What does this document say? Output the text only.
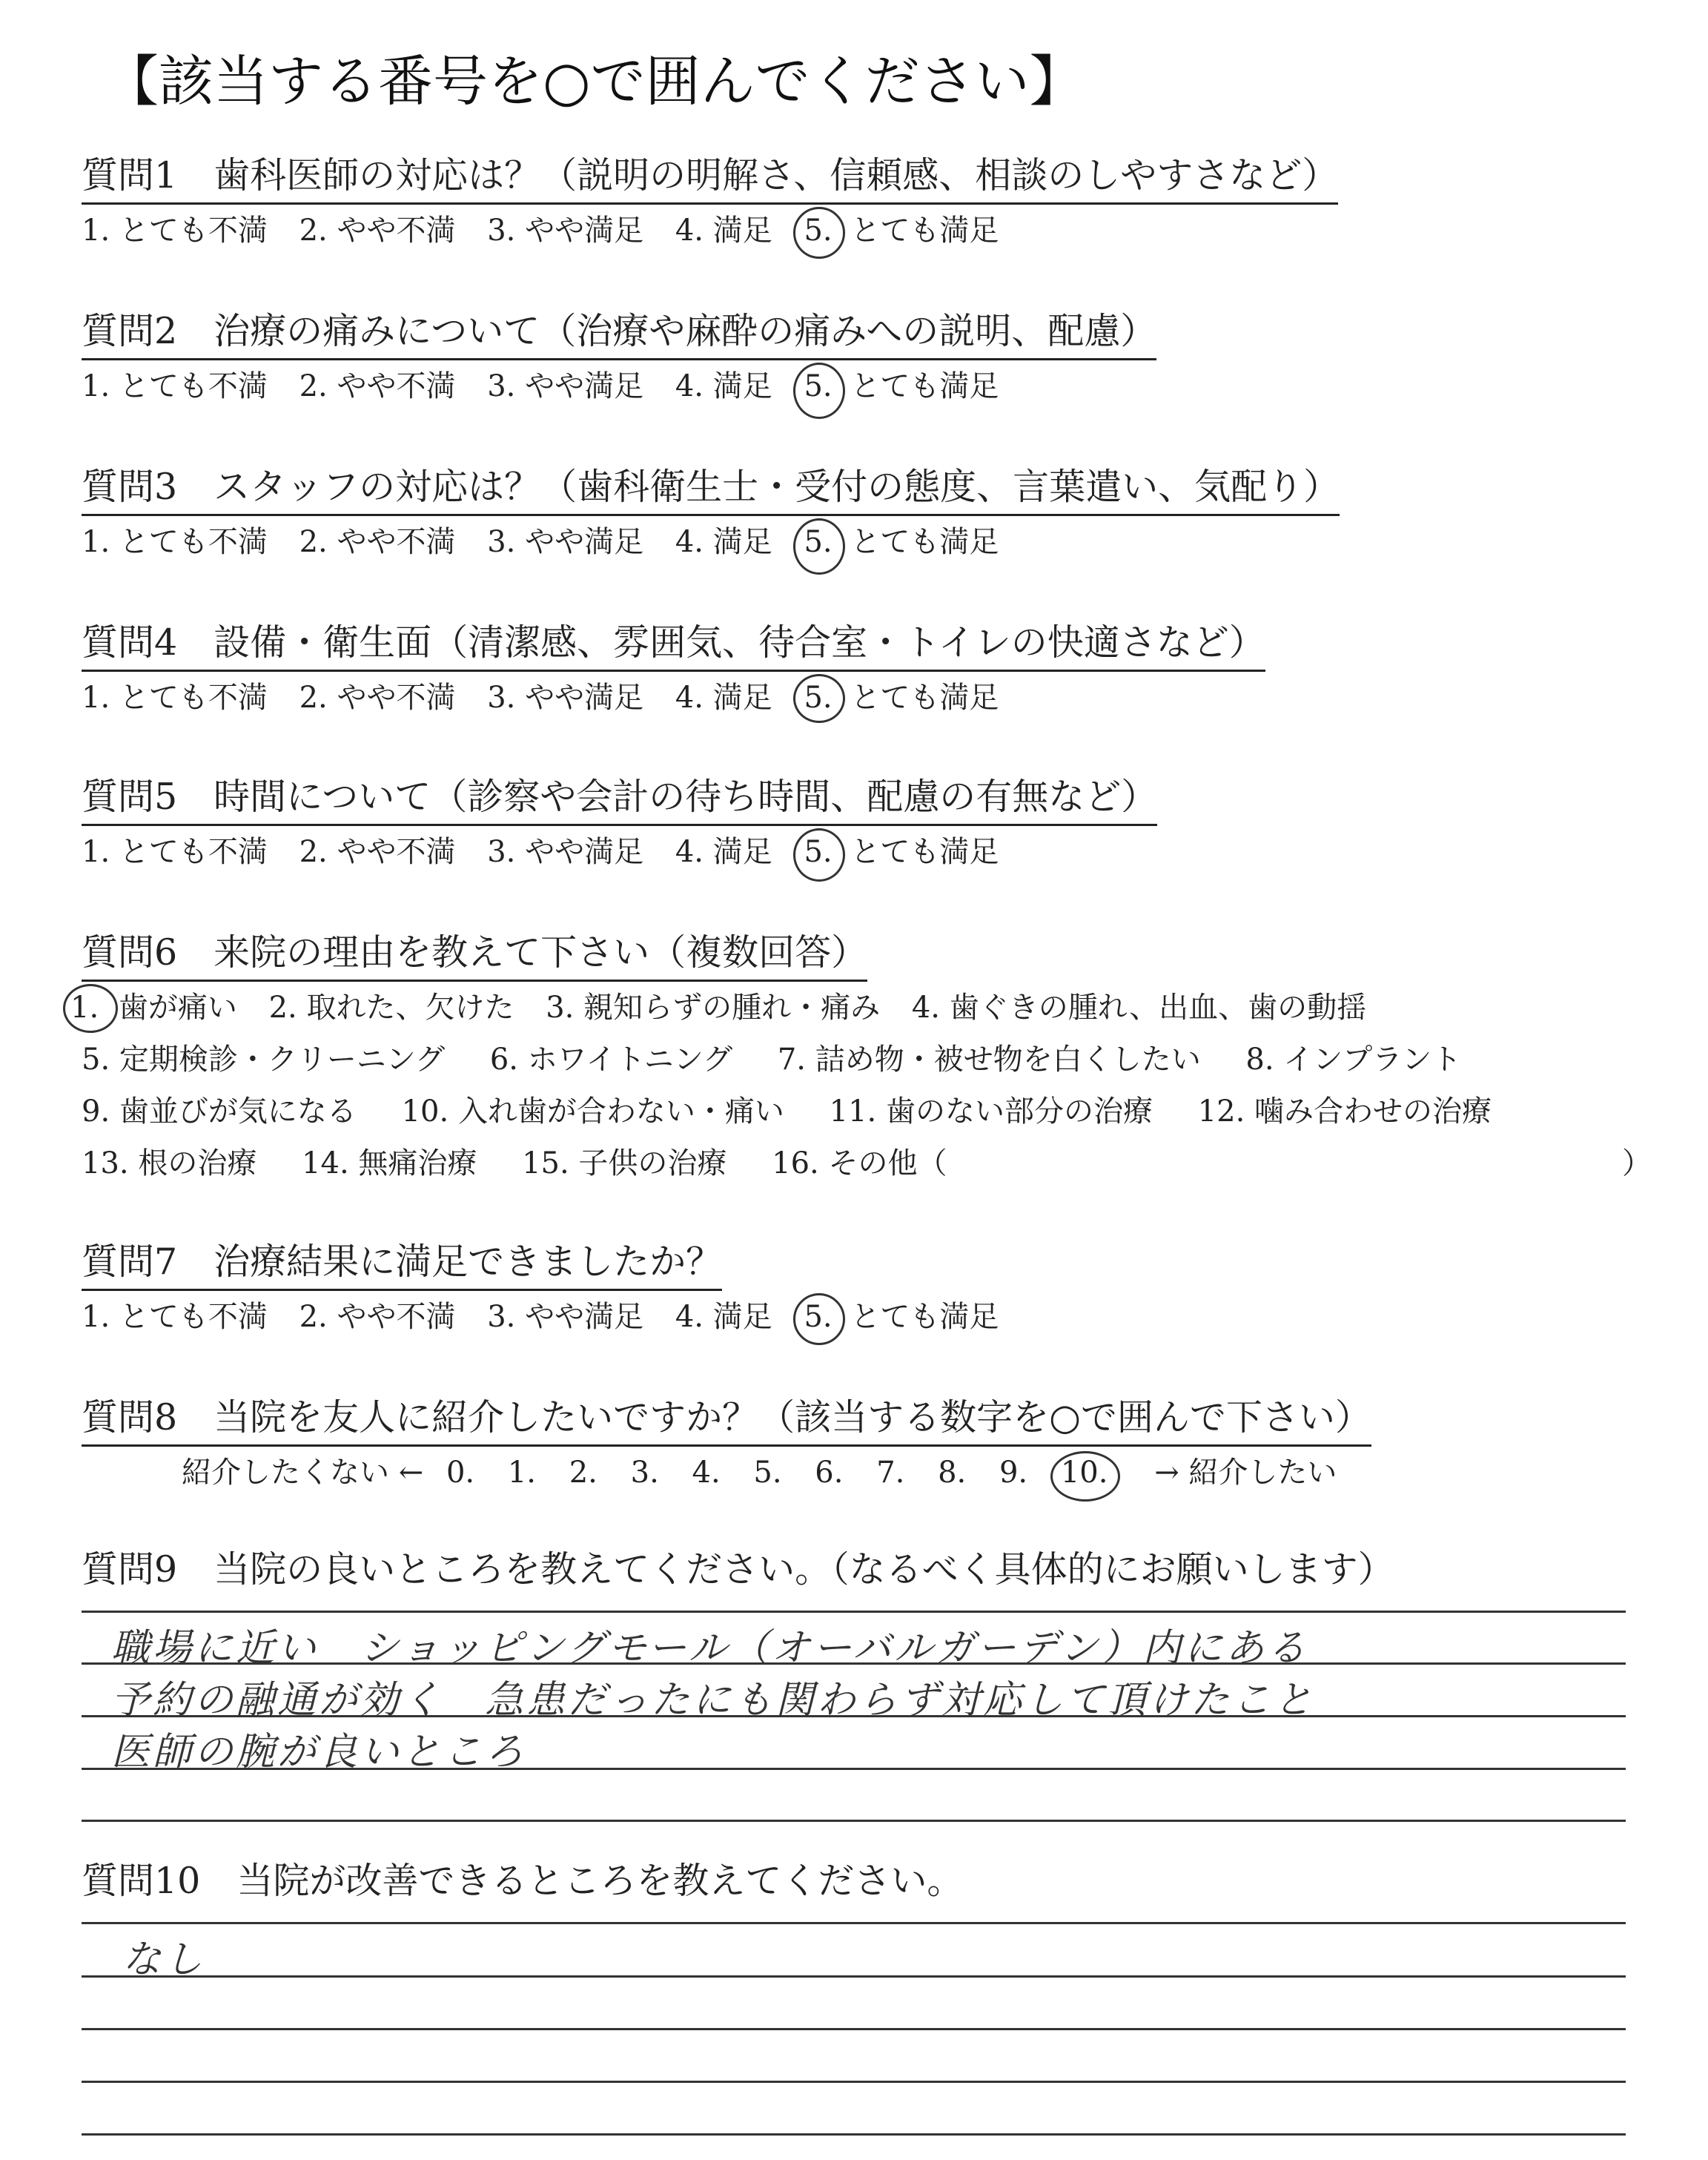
【該当する番号を○で囲んでください】
質問1　歯科医師の対応は？（説明の明解さ、信頼感、相談のしやすさなど）
1. とても不満 2. やや不満 3. やや満足 4. 満足 5. とても満足
質問2　治療の痛みについて（治療や麻酔の痛みへの説明、配慮）
1. とても不満 2. やや不満 3. やや満足 4. 満足 5. とても満足
質問3　スタッフの対応は？（歯科衛生士・受付の態度、言葉遣い、気配り）
1. とても不満 2. やや不満 3. やや満足 4. 満足 5. とても満足
質問4　設備・衛生面（清潔感、雰囲気、待合室・トイレの快適さなど）
1. とても不満 2. やや不満 3. やや満足 4. 満足 5. とても満足
質問5　時間について（診察や会計の待ち時間、配慮の有無など）
1. とても不満 2. やや不満 3. やや満足 4. 満足 5. とても満足
質問6　来院の理由を教えて下さい（複数回答）
1. 歯が痛い 2. 取れた、欠けた 3. 親知らずの腫れ・痛み 4. 歯ぐきの腫れ、出血、歯の動揺
5. 定期検診・クリーニング 6. ホワイトニング 7. 詰め物・被せ物を白くしたい 8. インプラント
9. 歯並びが気になる 10. 入れ歯が合わない・痛い 11. 歯のない部分の治療 12. 噛み合わせの治療
13. 根の治療 14. 無痛治療 15. 子供の治療 16. その他（	）
質問7　治療結果に満足できましたか？
1. とても不満 2. やや不満 3. やや満足 4. 満足 5. とても満足
質問8　当院を友人に紹介したいですか？（該当する数字を○で囲んで下さい）
紹介したくない ← 0. 1. 2. 3. 4. 5. 6. 7. 8. 9. 10. → 紹介したい
質問9　当院の良いところを教えてください。（なるべく具体的にお願いします）
職場に近い　ショッピングモール（オーバルガーデン）内にある
予約の融通が効く　急患だったにも関わらず対応して頂けたこと
医師の腕が良いところ
質問10　当院が改善できるところを教えてください。
なし
